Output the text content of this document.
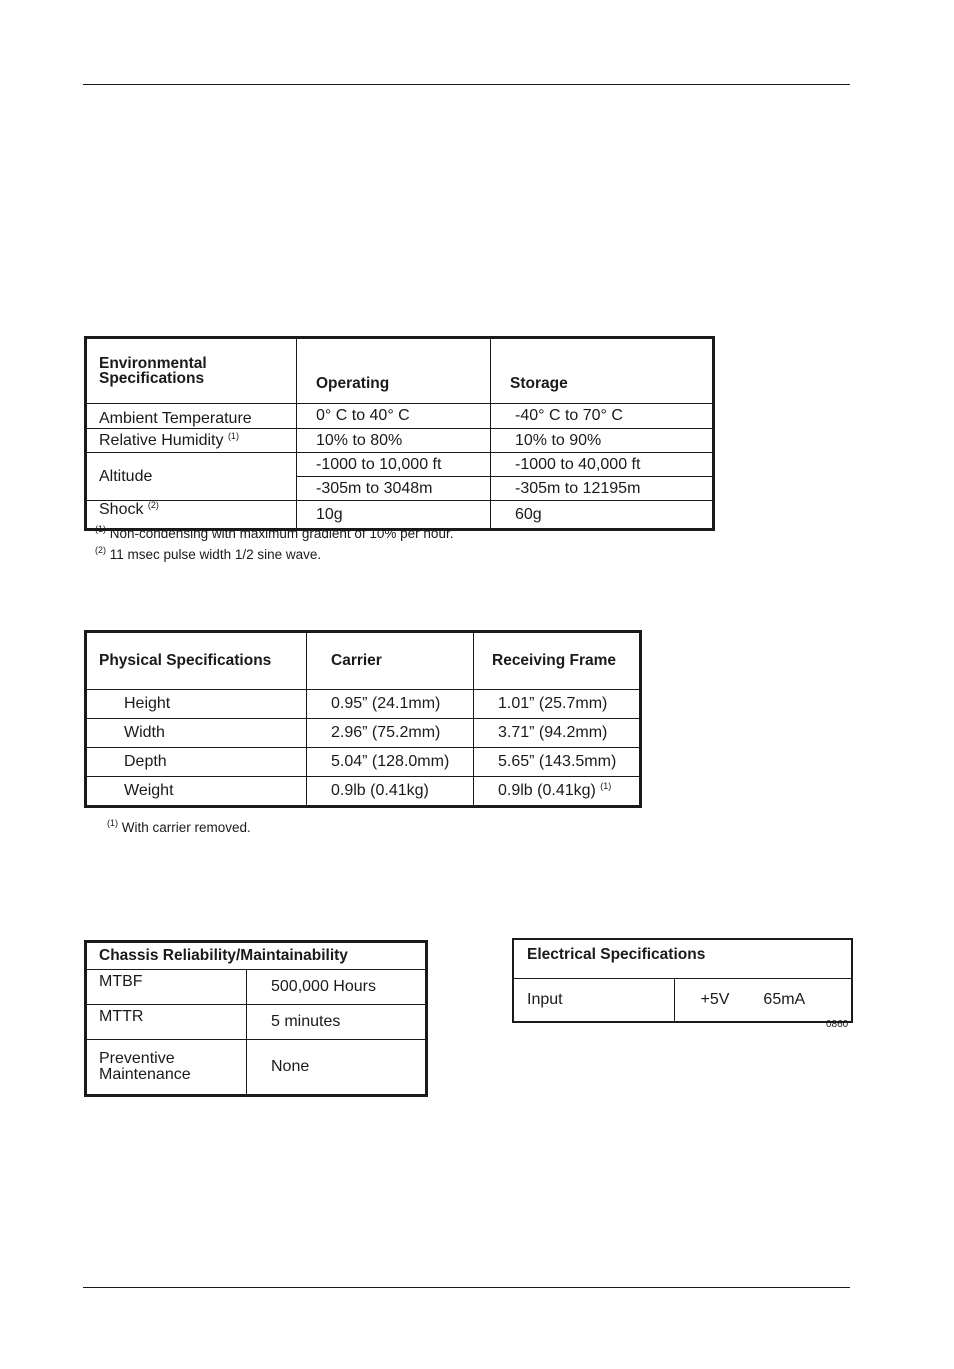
Environmental
Specifications	Operating	Storage
Ambient Temperature	0° C to 40° C	-40° C to 70° C
Relative Humidity $^{(1)}$	10% to 80%	10% to 90%
Altitude	-1000 to 10,000 ft	-1000 to 40,000 ft
	-305m to 3048m	-305m to 12195m
Shock $^{(2)}$	10g	60g
$^{(1)}$ Non-condensing with maximum gradient of 10% per hour.
$^{(2)}$ 11 msec pulse width 1/2 sine wave.
Physical Specifications	Carrier	Receiving Frame
Height	0.95” (24.1mm)	1.01” (25.7mm)
Width	2.96” (75.2mm)	3.71” (94.2mm)
Depth	5.04” (128.0mm)	5.65” (143.5mm)
Weight	0.9lb (0.41kg)	0.9lb (0.41kg) $^{(1)}$
$^{(1)}$ With carrier removed.
Chassis Reliability/Maintainability	
MTBF	500,000 Hours
MTTR	5 minutes
Preventive
Maintenance	None
Electrical Specifications
Input	+5V 65mA
0860
